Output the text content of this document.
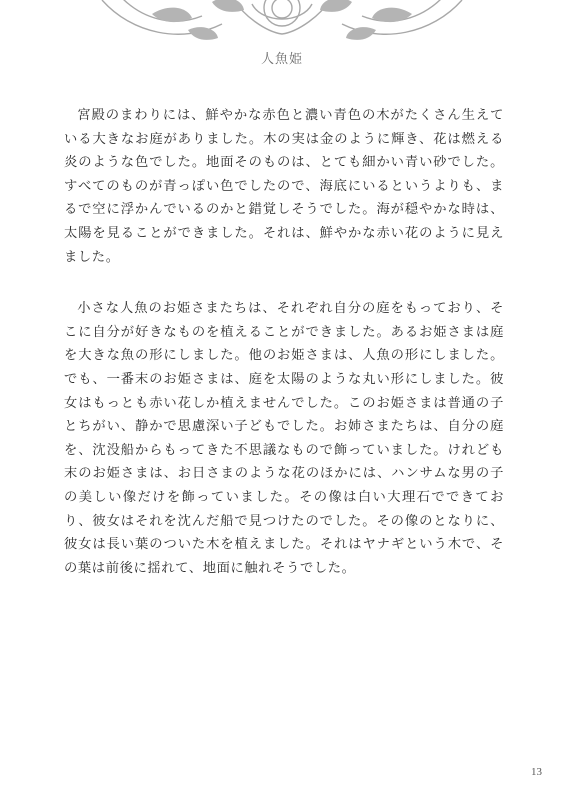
人魚姫

宮殿のまわりには、鮮やかな赤色と濃い青色の木がたくさん生えている大きなお庭がありました。木の実は金のように輝き、花は燃える炎のような色でした。地面そのものは、とても細かい青い砂でした。すべてのものが青っぽい色でしたので、海底にいるというよりも、まるで空に浮かんでいるのかと錯覚しそうでした。海が穏やかな時は、太陽を見ることができました。それは、鮮やかな赤い花のように見えました。

小さな人魚のお姫さまたちは、それぞれ自分の庭をもっており、そこに自分が好きなものを植えることができました。あるお姫さまは庭を大きな魚の形にしました。他のお姫さまは、人魚の形にしました。でも、一番末のお姫さまは、庭を太陽のような丸い形にしました。彼女はもっとも赤い花しか植えませんでした。このお姫さまは普通の子とちがい、静かで思慮深い子どもでした。お姉さまたちは、自分の庭を、沈没船からもってきた不思議なもので飾っていました。けれども末のお姫さまは、お日さまのような花のほかには、ハンサムな男の子の美しい像だけを飾っていました。その像は白い大理石でできており、彼女はそれを沈んだ船で見つけたのでした。その像のとなりに、彼女は長い葉のついた木を植えました。それはヤナギという木で、その葉は前後に揺れて、地面に触れそうでした。

13
